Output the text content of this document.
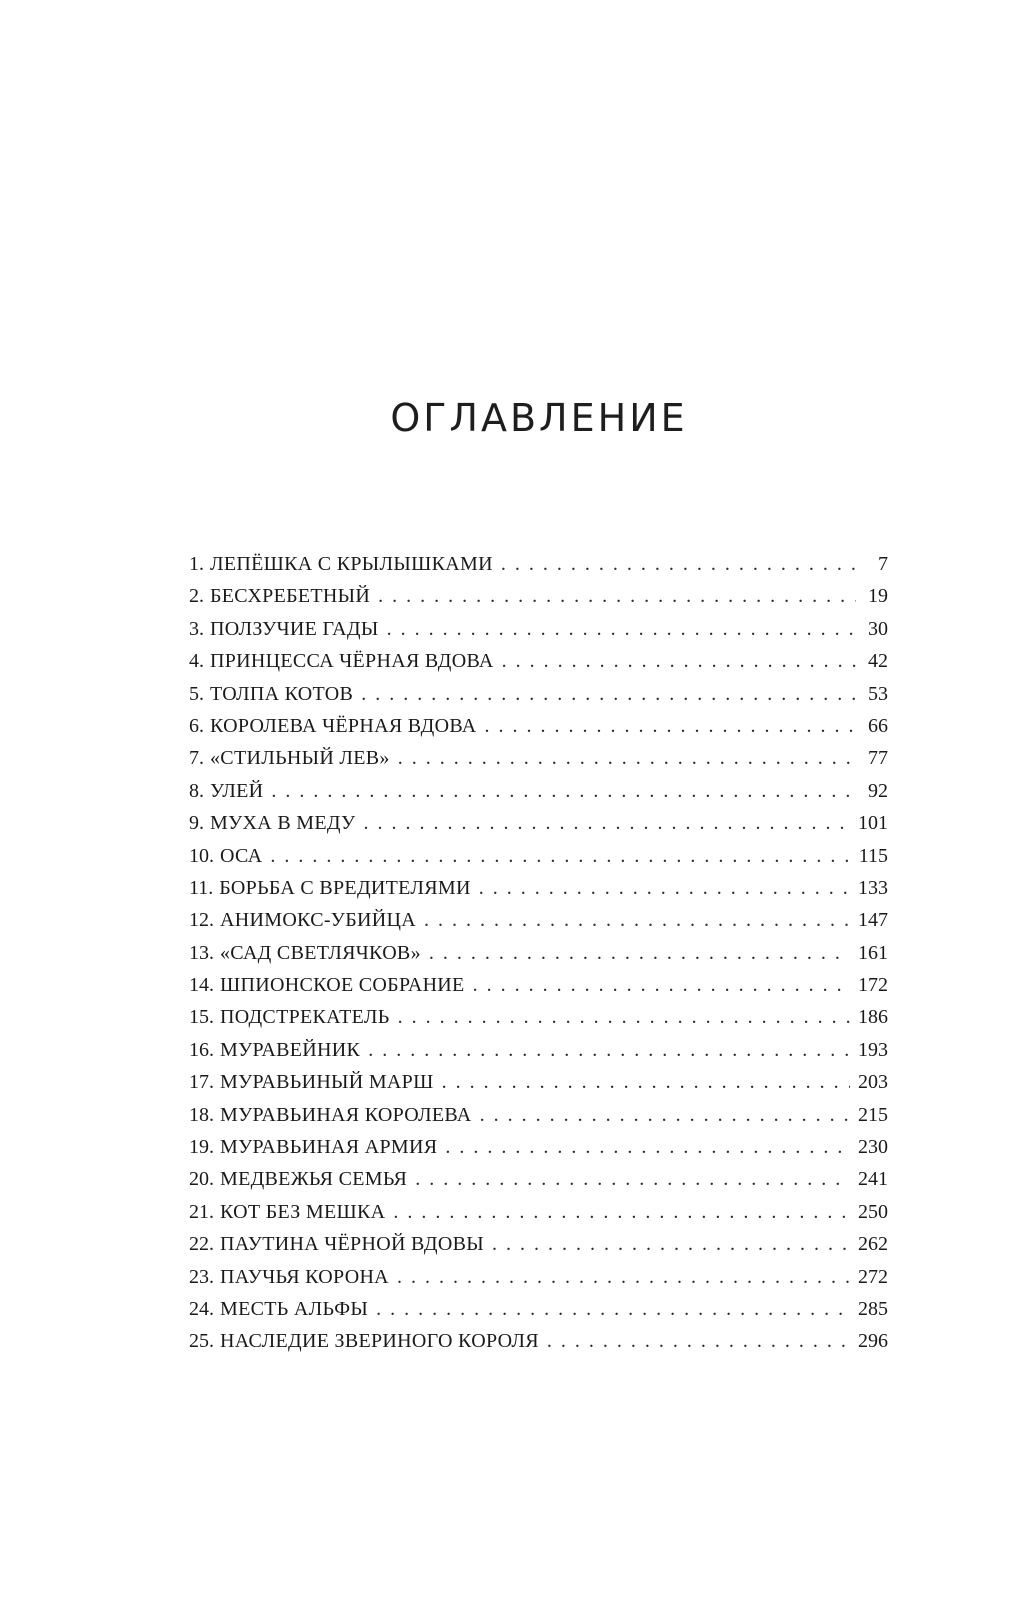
ОГЛАВЛЕНИЕ
1. ЛЕПЁШКА С КРЫЛЫШКАМИ . . .	7
2. БЕСХРЕБЕТНЫЙ . . .	19
3. ПОЛЗУЧИЕ ГАДЫ . . .	30
4. ПРИНЦЕССА ЧЁРНАЯ ВДОВА . . .	42
5. ТОЛПА КОТОВ . . .	53
6. КОРОЛЕВА ЧЁРНАЯ ВДОВА . . .	66
7. «СТИЛЬНЫЙ ЛЕВ» . . .	77
8. УЛЕЙ . . .	92
9. МУХА В МЕДУ . . .	101
10. ОСА . . .	115
11. БОРЬБА С ВРЕДИТЕЛЯМИ . . .	133
12. АНИМОКС-УБИЙЦА . . .	147
13. «САД СВЕТЛЯЧКОВ» . . .	161
14. ШПИОНСКОЕ СОБРАНИЕ . . .	172
15. ПОДСТРЕКАТЕЛЬ . . .	186
16. МУРАВЕЙНИК . . .	193
17. МУРАВЬИНЫЙ МАРШ . . .	203
18. МУРАВЬИНАЯ КОРОЛЕВА . . .	215
19. МУРАВЬИНАЯ АРМИЯ . . .	230
20. МЕДВЕЖЬЯ СЕМЬЯ . . .	241
21. КОТ БЕЗ МЕШКА . . .	250
22. ПАУТИНА ЧЁРНОЙ ВДОВЫ . . .	262
23. ПАУЧЬЯ КОРОНА . . .	272
24. МЕСТЬ АЛЬФЫ . . .	285
25. НАСЛЕДИЕ ЗВЕРИНОГО КОРОЛЯ . . .	296
